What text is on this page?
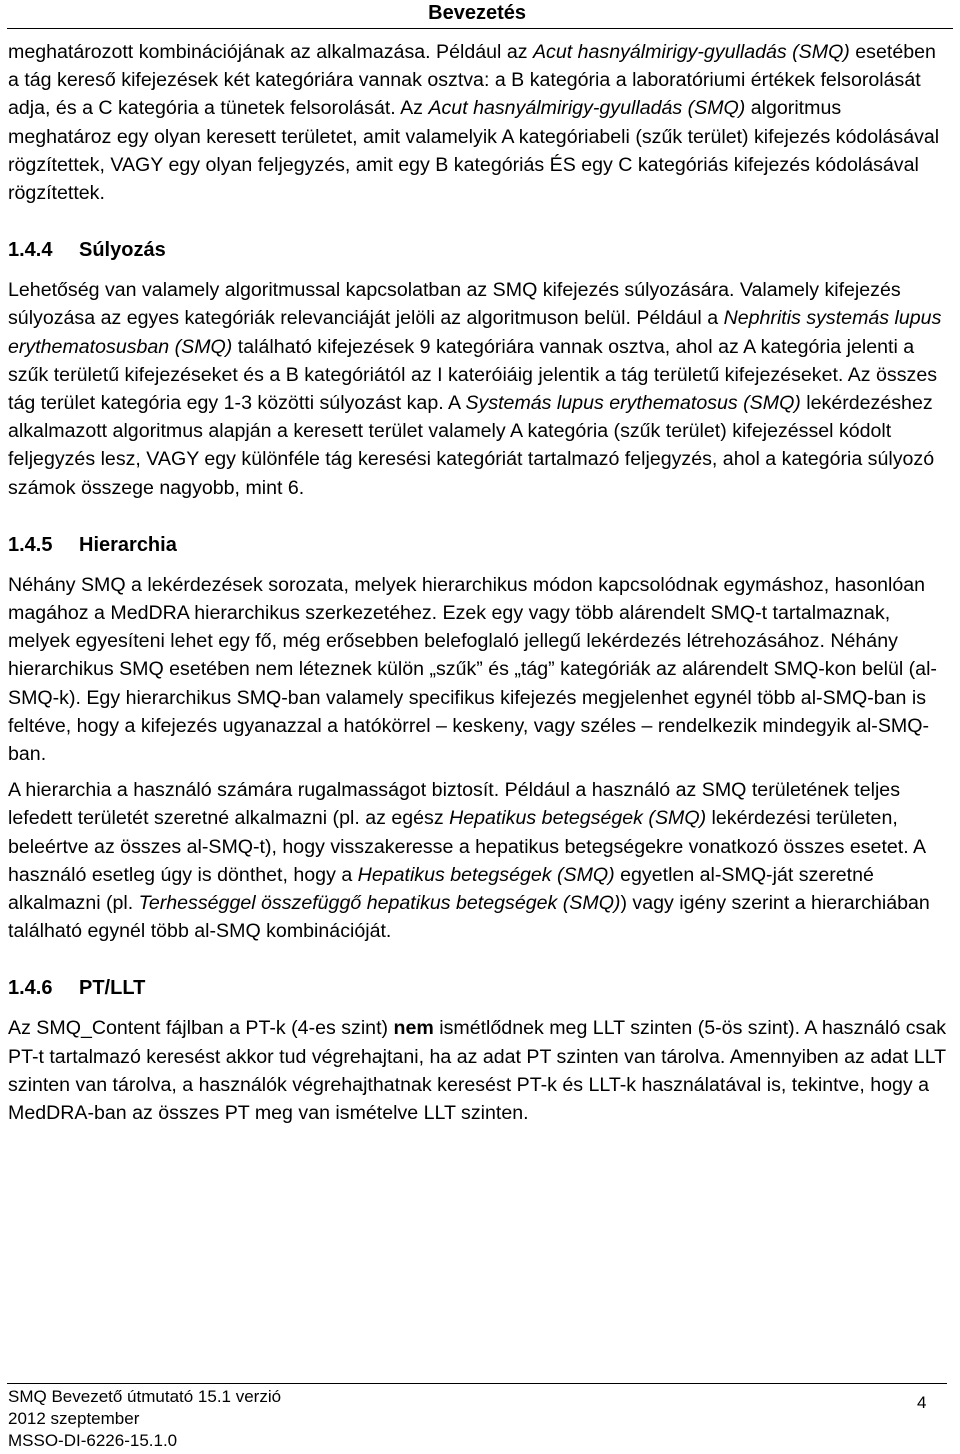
Bevezetés

meghatározott kombinációjának az alkalmazása. Például az Acut hasnyálmirigy-gyulladás (SMQ) esetében a tág kereső kifejezések két kategóriára vannak osztva: a B kategória a laboratóriumi értékek felsorolását adja, és a C kategória a tünetek felsorolását. Az Acut hasnyálmirigy-gyulladás (SMQ) algoritmus meghatároz egy olyan keresett területet, amit valamelyik A kategóriabeli (szűk terület) kifejezés kódolásával rögzítettek, VAGY egy olyan feljegyzés, amit egy B kategóriás ÉS egy C kategóriás kifejezés kódolásával rögzítettek.

1.4.4 Súlyozás

Lehetőség van valamely algoritmussal kapcsolatban az SMQ kifejezés súlyozására. Valamely kifejezés súlyozása az egyes kategóriák relevanciáját jelöli az algoritmuson belül. Például a Nephritis systemás lupus erythematosusban (SMQ) található kifejezések 9 kategóriára vannak osztva, ahol az A kategória jelenti a szűk területű kifejezéseket és a B kategóriától az I kateróiáig jelentik a tág területű kifejezéseket. Az összes tág terület kategória egy 1-3 közötti súlyozást kap. A Systemás lupus erythematosus (SMQ) lekérdezéshez alkalmazott algoritmus alapján a keresett terület valamely A kategória (szűk terület) kifejezéssel kódolt feljegyzés lesz, VAGY egy különféle tág keresési kategóriát tartalmazó feljegyzés, ahol a kategória súlyozó számok összege nagyobb, mint 6.

1.4.5 Hierarchia

Néhány SMQ a lekérdezések sorozata, melyek hierarchikus módon kapcsolódnak egymáshoz, hasonlóan magához a MedDRA hierarchikus szerkezetéhez. Ezek egy vagy több alárendelt SMQ-t tartalmaznak, melyek egyesíteni lehet egy fő, még erősebben belefoglaló jellegű lekérdezés létrehozásához. Néhány hierarchikus SMQ esetében nem léteznek külön „szűk” és „tág” kategóriák az alárendelt SMQ-kon belül (al-SMQ-k). Egy hierarchikus SMQ-ban valamely specifikus kifejezés megjelenhet egynél több al-SMQ-ban is feltéve, hogy a kifejezés ugyanazzal a hatókörrel – keskeny, vagy széles – rendelkezik mindegyik al-SMQ-ban.

A hierarchia a használó számára rugalmasságot biztosít. Például a használó az SMQ területének teljes lefedett területét szeretné alkalmazni (pl. az egész Hepatikus betegségek (SMQ) lekérdezési területen, beleértve az összes al-SMQ-t), hogy visszakeresse a hepatikus betegségekre vonatkozó összes esetet. A használó esetleg úgy is dönthet, hogy a Hepatikus betegségek (SMQ) egyetlen al-SMQ-ját szeretné alkalmazni (pl. Terhességgel összefüggő hepatikus betegségek (SMQ)) vagy igény szerint a hierarchiában található egynél több al-SMQ kombinációját.

1.4.6 PT/LLT

Az SMQ_Content fájlban a PT-k (4-es szint) nem ismétlődnek meg LLT szinten (5-ös szint). A használó csak PT-t tartalmazó keresést akkor tud végrehajtani, ha az adat PT szinten van tárolva. Amennyiben az adat LLT szinten van tárolva, a használók végrehajthatnak keresést PT-k és LLT-k használatával is, tekintve, hogy a MedDRA-ban az összes PT meg van ismételve LLT szinten.

SMQ Bevezető útmutató 15.1 verzió
2012 szeptember
MSSO-DI-6226-15.1.0
4
